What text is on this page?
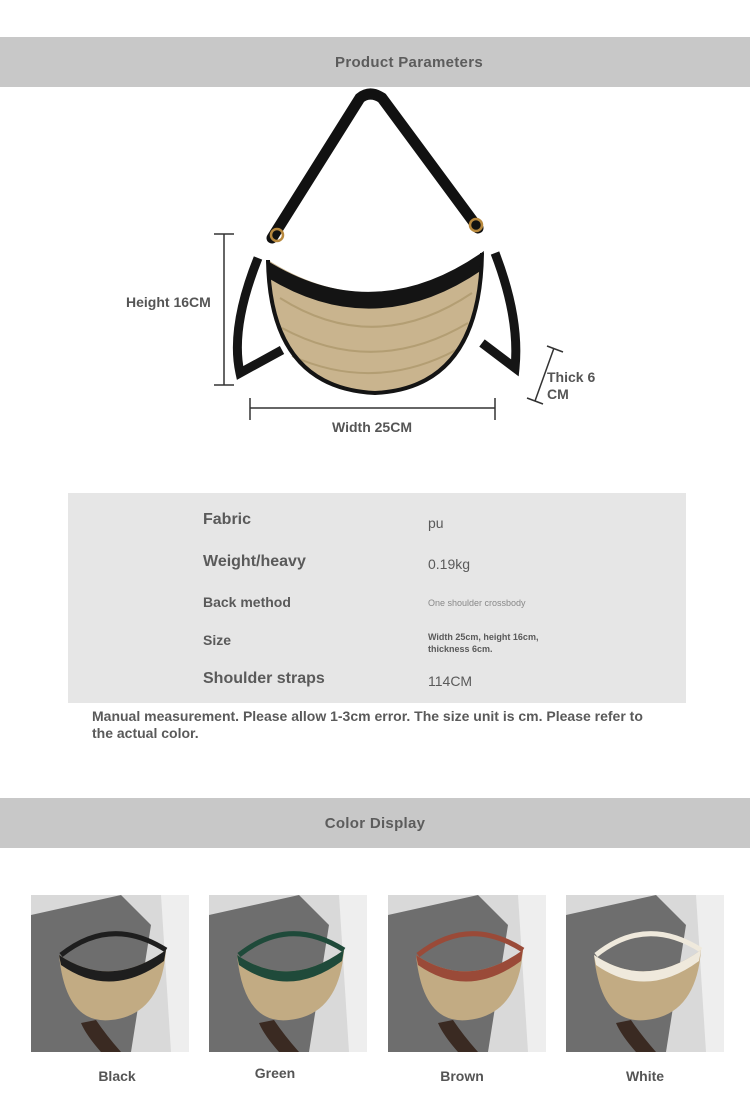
Product Parameters
Height 16CM
Width 25CM
Thick 6
CM
Fabric	pu
Weight/heavy	0.19kg
Back method	One shoulder crossbody
Size	Width 25cm, height 16cm,
thickness 6cm.
Shoulder straps	114CM
Manual measurement. Please allow 1-3cm error. The size unit is cm. Please refer to the actual color.
Color Display
Black	Green	Brown	White
